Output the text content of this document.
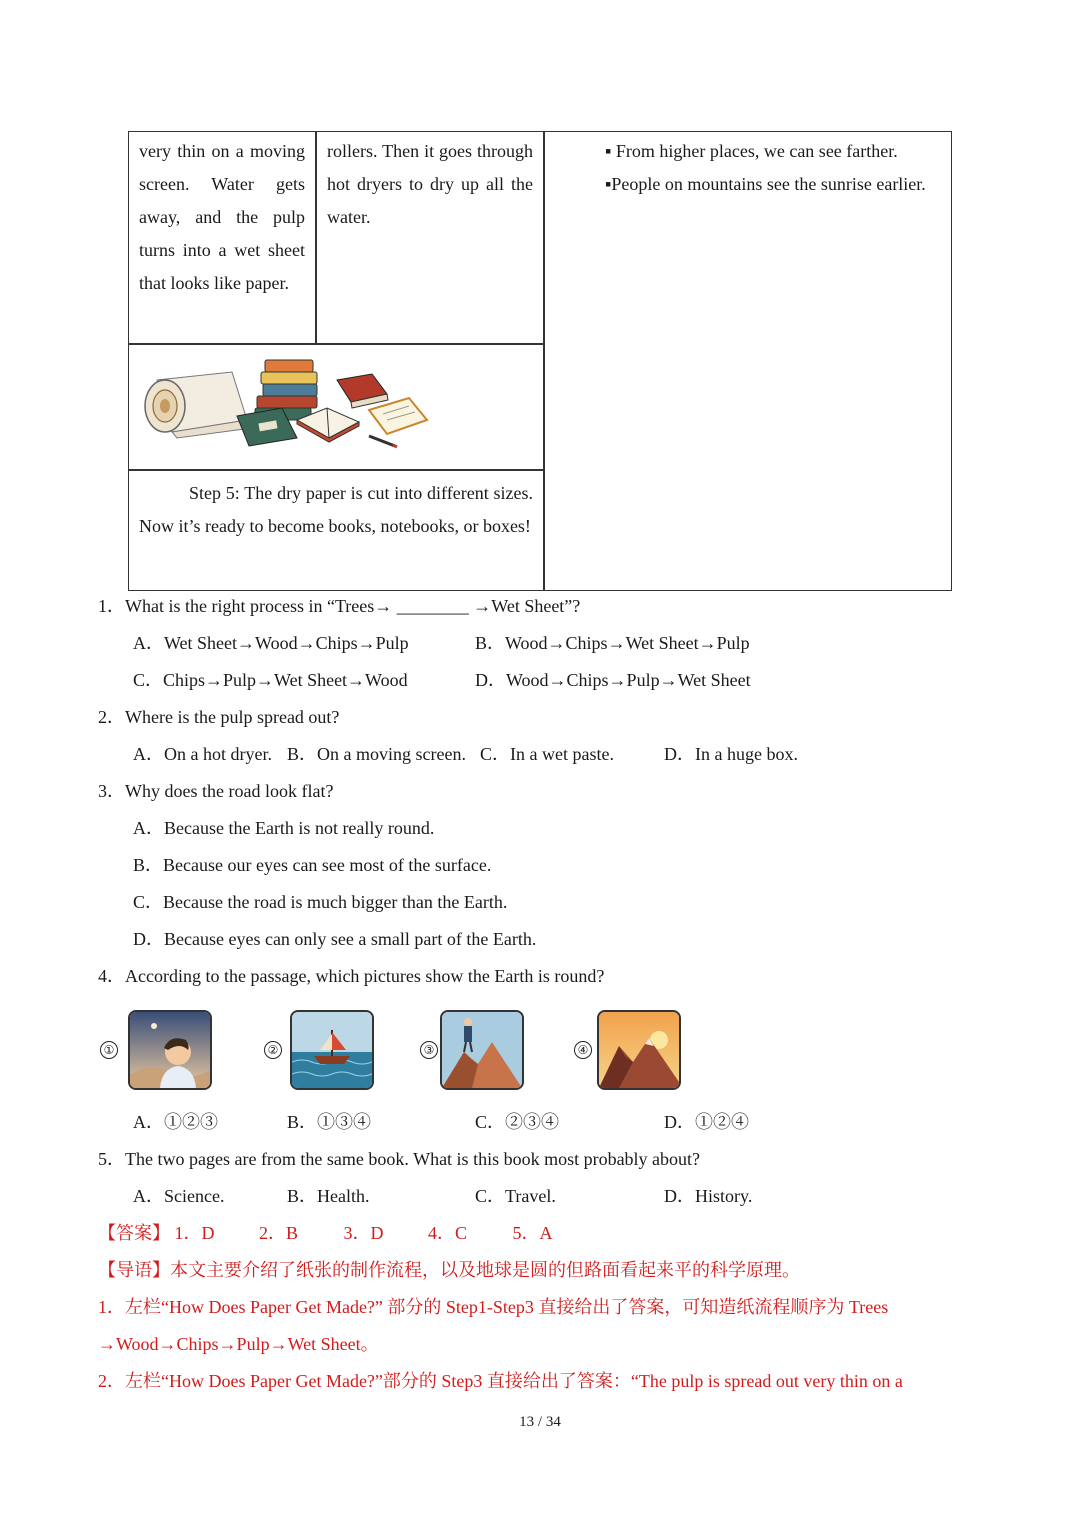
very thin on a moving screen. Water gets away, and the pulp turns into a wet sheet that looks like paper.

rollers. Then it goes through hot dryers to dry up all the water.

▪ From higher places, we can see farther.

▪People on mountains see the sunrise earlier.

Step 5: The dry paper is cut into different sizes. Now it’s ready to become books, notebooks, or boxes!

1．What is the right process in “Trees→ ________ →Wet Sheet”?
A．Wet Sheet→Wood→Chips→Pulp	B．Wood→Chips→Wet Sheet→Pulp
C．Chips→Pulp→Wet Sheet→Wood	D．Wood→Chips→Pulp→Wet Sheet
2．Where is the pulp spread out?
A．On a hot dryer. B．On a moving screen. C．In a wet paste.	D．In a huge box.
3．Why does the road look flat?
A．Because the Earth is not really round.
B．Because our eyes can see most of the surface.
C．Because the road is much bigger than the Earth.
D．Because eyes can only see a small part of the Earth.
4．According to the passage, which pictures show the Earth is round?
①	②	③	④
A．①②③	B．①③④	C．②③④	D．①②④
5．The two pages are from the same book. What is this book most probably about?
A．Science.	B．Health.	C．Travel.	D．History.
【答案】 1．D 2．B	3．D 4．C	5．A
【导语】本文主要介绍了纸张的制作流程，以及地球是圆的但路面看起来平的科学原理。
1．左栏“How Does Paper Get Made?” 部分的 Step1-Step3 直接给出了答案，可知造纸流程顺序为 Trees
→Wood→Chips→Pulp→Wet Sheet。
2．左栏“How Does Paper Get Made?”部分的 Step3 直接给出了答案：“The pulp is spread out very thin on a
13 / 34
